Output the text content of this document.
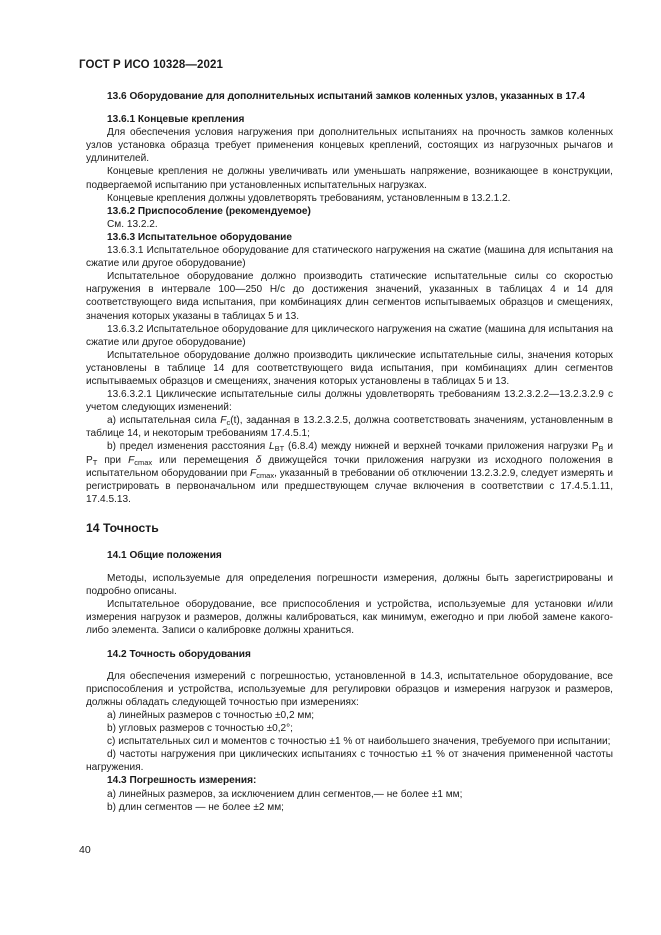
ГОСТ Р ИСО 10328—2021

13.6 Оборудование для дополнительных испытаний замков коленных узлов, указанных в 17.4

13.6.1 Концевые крепления

Для обеспечения условия нагружения при дополнительных испытаниях на прочность замков коленных узлов установка образца требует применения концевых креплений, состоящих из нагрузочных рычагов и удлинителей.

Концевые крепления не должны увеличивать или уменьшать напряжение, возникающее в конструкции, подвергаемой испытанию при установленных испытательных нагрузках.

Концевые крепления должны удовлетворять требованиям, установленным в 13.2.1.2.

13.6.2 Приспособление (рекомендуемое)

См. 13.2.2.

13.6.3 Испытательное оборудование

13.6.3.1 Испытательное оборудование для статического нагружения на сжатие (машина для испытания на сжатие или другое оборудование)

Испытательное оборудование должно производить статические испытательные силы со скоростью нагружения в интервале 100—250 Н/с до достижения значений, указанных в таблицах 4 и 14 для соответствующего вида испытания, при комбинациях длин сегментов испытываемых образцов и смещениях, значения которых указаны в таблицах 5 и 13.

13.6.3.2 Испытательное оборудование для циклического нагружения на сжатие (машина для испытания на сжатие или другое оборудование)

Испытательное оборудование должно производить циклические испытательные силы, значения которых установлены в таблице 14 для соответствующего вида испытания, при комбинациях длин сегментов испытываемых образцов и смещениях, значения которых установлены в таблицах 5 и 13.

13.6.3.2.1 Циклические испытательные силы должны удовлетворять требованиям 13.2.3.2.2—13.2.3.2.9 с учетом следующих изменений:

а) испытательная сила $F_c(t)$, заданная в 13.2.3.2.5, должна соответствовать значениям, установленным в таблице 14, и некоторым требованиям 17.4.5.1;

b) предел изменения расстояния $L_{BT}$ (6.8.4) между нижней и верхней точками приложения нагрузки $P_B$ и $P_T$ при $F_{cmax}$ или перемещения δ движущейся точки приложения нагрузки из исходного положения в испытательном оборудовании при $F_{cmax}$, указанный в требовании об отключении 13.2.3.2.9, следует измерять и регистрировать в первоначальном или предшествующем случае включения в соответствии с 17.4.5.1.11, 17.4.5.13.

14 Точность

14.1 Общие положения

Методы, используемые для определения погрешности измерения, должны быть зарегистрированы и подробно описаны.

Испытательное оборудование, все приспособления и устройства, используемые для установки и/или измерения нагрузок и размеров, должны калиброваться, как минимум, ежегодно и при любой замене какого-либо элемента. Записи о калибровке должны храниться.

14.2 Точность оборудования

Для обеспечения измерений с погрешностью, установленной в 14.3, испытательное оборудование, все приспособления и устройства, используемые для регулировки образцов и измерения нагрузок и размеров, должны обладать следующей точностью при измерениях:

а) линейных размеров с точностью ±0,2 мм;

b) угловых размеров с точностью ±0,2°;

с) испытательных сил и моментов с точностью ±1 % от наибольшего значения, требуемого при испытании;

d) частоты нагружения при циклических испытаниях с точностью ±1 % от значения примененной частоты нагружения.

14.3 Погрешность измерения:

а) линейных размеров, за исключением длин сегментов,— не более ±1 мм;

b) длин сегментов — не более ±2 мм;

40
